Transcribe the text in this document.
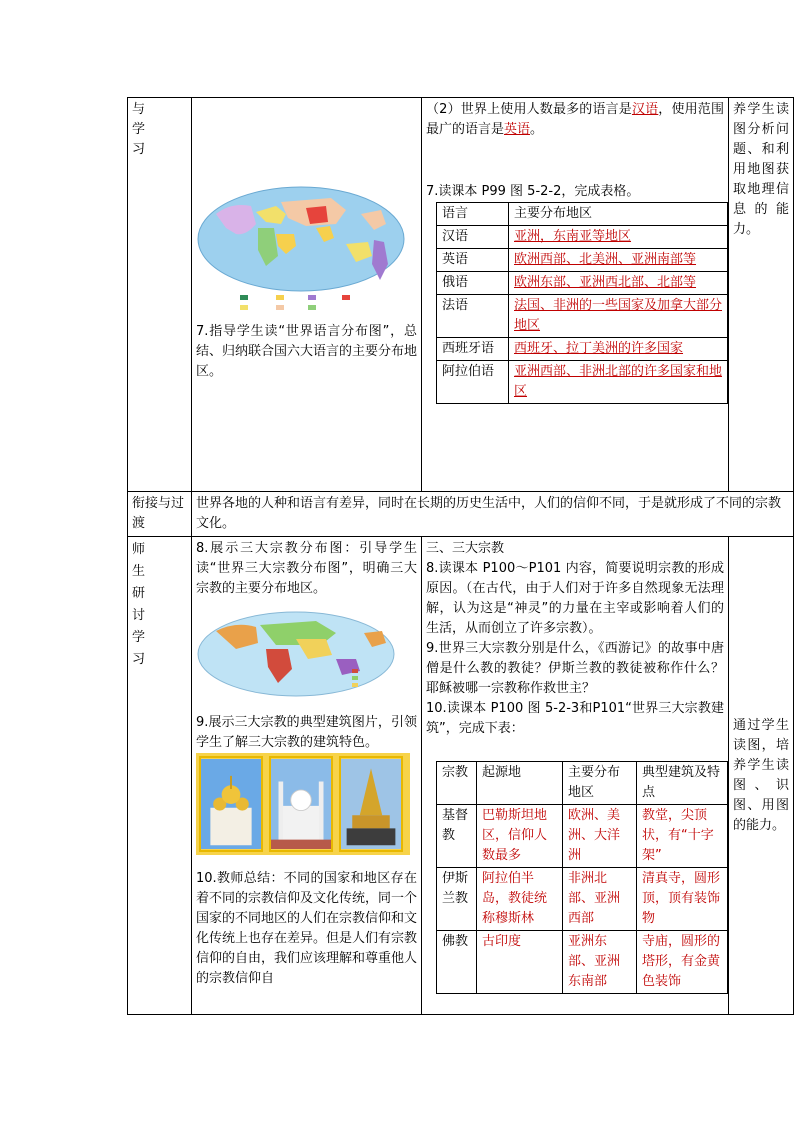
与
学
习	
7.指导学生读“世界语言分布图”，总结、归纳联合国六大语言的主要分布地区。

（2）世界上使用人数最多的语言是汉语，使用范围最广的语言是英语。
7.读课本 P99 图 5-2-2，完成表格。
语言	主要分布地区
汉语	亚洲，东南亚等地区
英语	欧洲西部、北美洲、亚洲南部等
俄语	欧洲东部、亚洲西北部、北部等
法语	法国、非洲的一些国家及加拿大部分地区
西班牙语	西班牙、拉丁美洲的许多国家
阿拉伯语	亚洲西部、非洲北部的许多国家和地区
	养学生读图分析问题、和利用地图获取地理信息的能力。
衔接与过渡	世界各地的人种和语言有差异，同时在长期的历史生活中，人们的信仰不同，于是就形成了不同的宗教文化。
师
生
研
讨
学
习	
8.展示三大宗教分布图：引导学生读“世界三大宗教分布图”，明确三大宗教的主要分布地区。
9.展示三大宗教的典型建筑图片，引领学生了解三大宗教的建筑特色。
10.教师总结：不同的国家和地区存在着不同的宗教信仰及文化传统，同一个国家的不同地区的人们在宗教信仰和文化传统上也存在差异。但是人们有宗教信仰的自由，我们应该理解和尊重他人的宗教信仰自

三、三大宗教
8.读课本 P100～P101 内容，简要说明宗教的形成原因。（在古代，由于人们对于许多自然现象无法理解，认为这是“神灵”的力量在主宰或影响着人们的生活，从而创立了许多宗教）。
9.世界三大宗教分别是什么，《西游记》的故事中唐僧是什么教的教徒？伊斯兰教的教徒被称作什么？耶稣被哪一宗教称作救世主？
10.读课本 P100 图 5-2-3和P101“世界三大宗教建筑”，完成下表：
宗教	起源地	主要分布地区	典型建筑及特点
基督教	巴勒斯坦地区，信仰人数最多	欧洲、美洲、大洋洲	教堂，尖顶状，有“十字架”
伊斯兰教	阿拉伯半岛，教徒统称穆斯林	非洲北部、亚洲西部	清真寺，圆形顶，顶有装饰物
佛教	古印度	亚洲东部、亚洲东南部	寺庙，圆形的塔形，有金黄色装饰
	通过学生读图，培养学生读图、识图、用图的能力。
